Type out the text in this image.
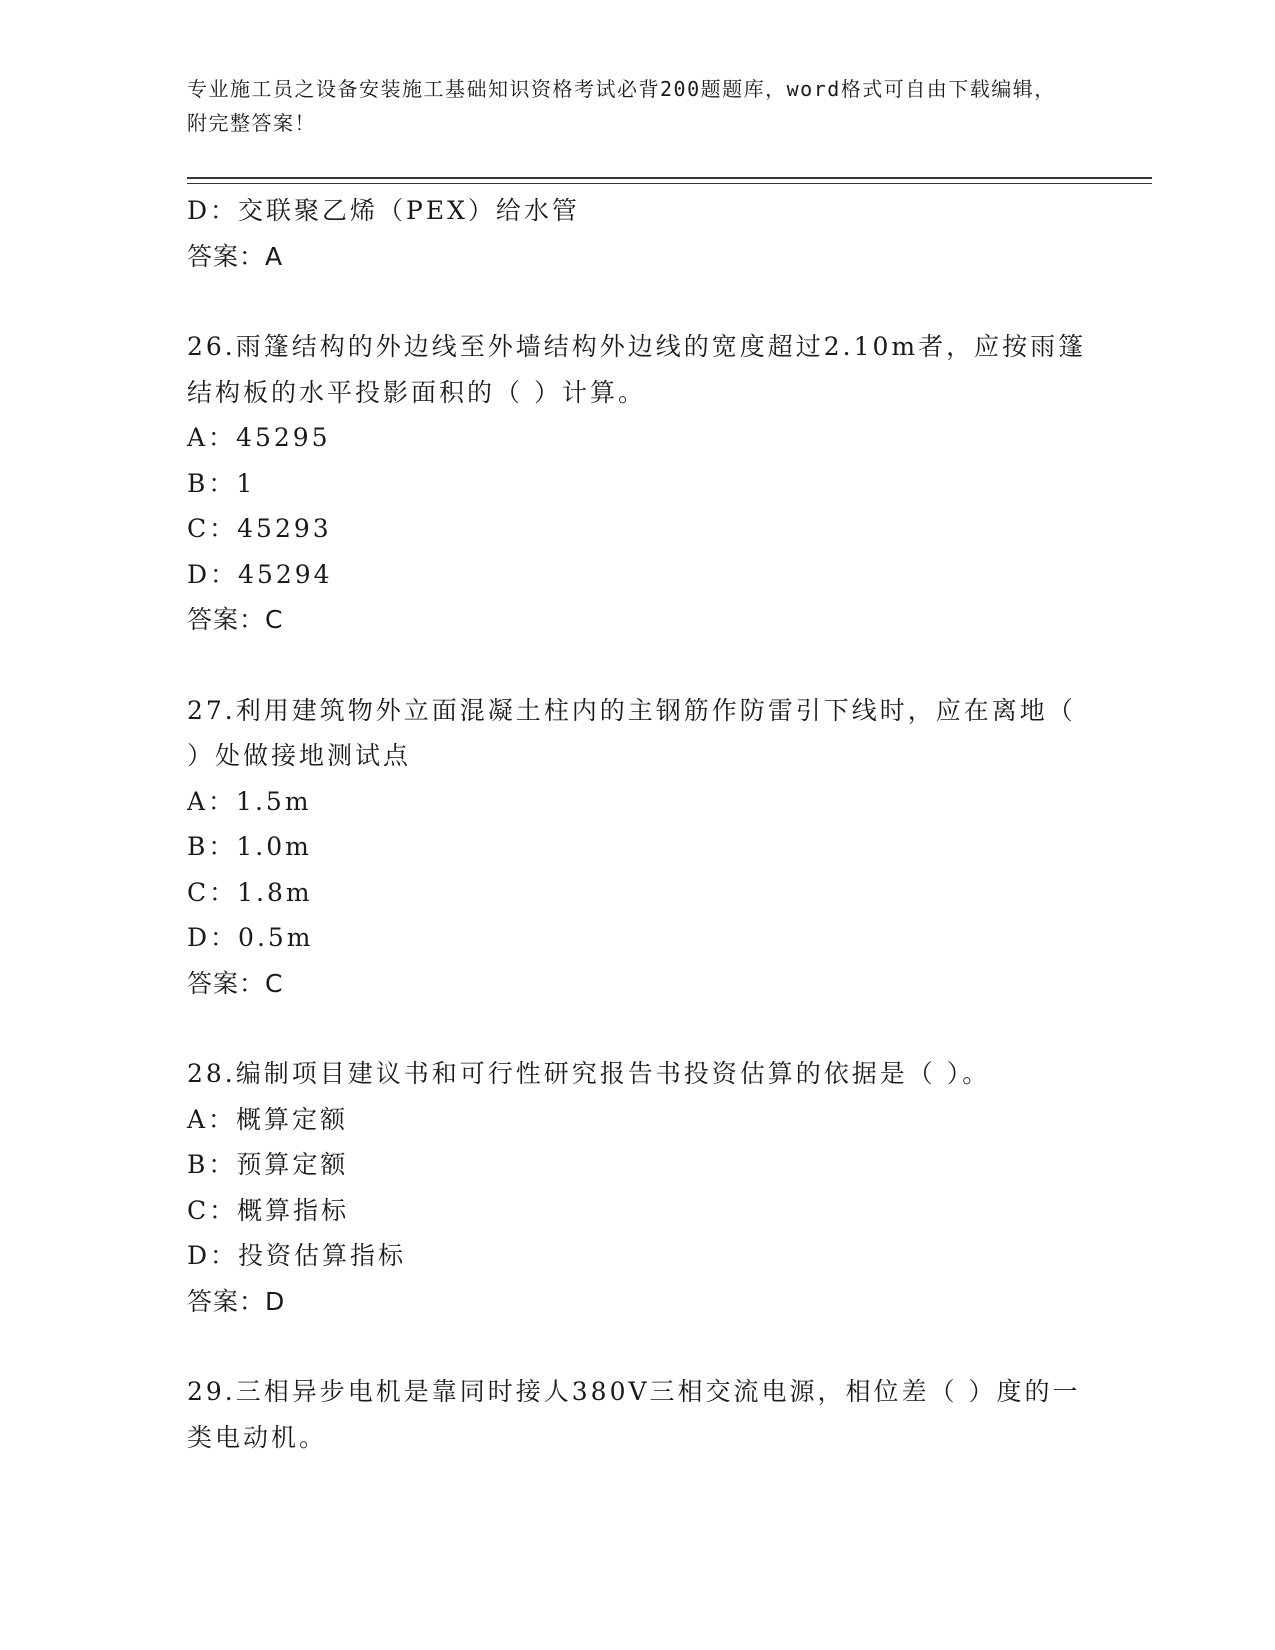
专业施工员之设备安装施工基础知识资格考试必背200题题库，word格式可自由下载编辑，附完整答案！
D：交联聚乙烯（PEX）给水管
答案：A
26.雨篷结构的外边线至外墙结构外边线的宽度超过2.10m者，应按雨篷结构板的水平投影面积的（ ）计算。
A：45295
B：1
C：45293
D：45294
答案：C
27.利用建筑物外立面混凝土柱内的主钢筋作防雷引下线时，应在离地（ ）处做接地测试点
A：1.5m
B：1.0m
C：1.8m
D：0.5m
答案：C
28.编制项目建议书和可行性研究报告书投资估算的依据是（ ）。
A：概算定额
B：预算定额
C：概算指标
D：投资估算指标
答案：D
29.三相异步电机是靠同时接人380V三相交流电源，相位差（ ）度的一类电动机。
